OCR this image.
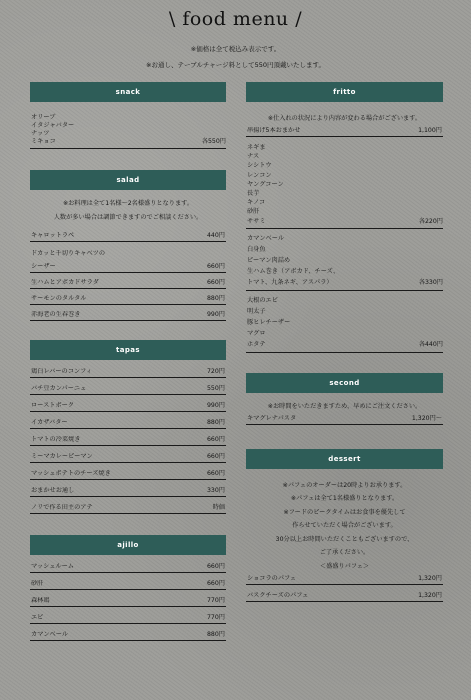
\ food menu /
※価格は全て税込み表示です。
※お通し、テーブルチャージ料として550円頂戴いたします。
snack
オリーブ
イタジャバター
ナッツ
ミキョコ	各550円
salad
※お料理は全て1名様～2名様盛りとなります。
人数が多い場合は調節できますのでご相談ください。
キャロットラペ	440円
ドカッと千切りキャベツの
シーザー	660円
生ハムとアボカドサラダ	660円
サーモンのタルタル	880円
赤海老の生春巻き	990円
tapas
鶏白レバーのコンフィ	720円
バチ豆カンパーニュ	550円
ローストポーク	990円
イカザバター	880円
トマトの冷菜焼き	660円
ミーマカレーピーマン	660円
マッシュポテトのチーズ焼き	660円
おまかせお通し	330円
ノリで作る田主のアテ	時価
ajillo
マッシュルーム	660円
砂肝	660円
森林鶏	770円
エビ	770円
カマンベール	880円
fritto
※仕入れの状況により内容が変わる場合がございます。
串揚げ5本おまかせ	1,100円
ネギま
ナス
シシトウ
レンコン
ヤングコーン
長芋
キノコ
砂肝
ササミ	各220円
カマンベール
白身魚
ピーマン肉詰め
生ハム巻き（アボカド、チーズ、
トマト、九条ネギ、アスパラ）	各330円
大根のエビ
明太子
豚ヒレチーザー
マグロ
ホタテ	各440円
second
※お時間をいただきますため、早めにご注文ください。
キマグレナパスタ	1,320円～
dessert
※パフェのオーダーは20時よりお承ります。
※パフェは全て1名様盛りとなります。
※フードのピークタイムはお食事を優先して
作らせていただく場合がございます。
30分以上お時間いただくこともございますので、
ご了承ください。
＜盛盛りパフェ＞
ショコラのパフェ	1,320円
バスクチーズのパフェ	1,320円
